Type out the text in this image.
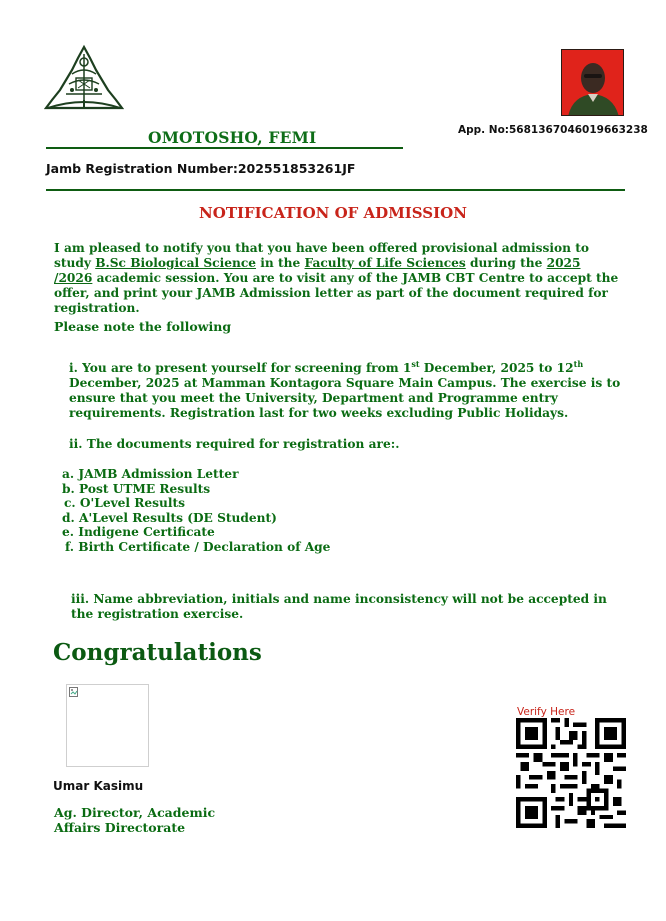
OMOTOSHO, FEMI	App. No:5681367046019663238
Jamb Registration Number:202551853261JF
NOTIFICATION OF ADMISSION
I am pleased to notify you that you have been offered provisional admission to study B.Sc Biological Science in the Faculty of Life Sciences during the 2025 /2026 academic session. You are to visit any of the JAMB CBT Centre to accept the offer, and print your JAMB Admission letter as part of the document required for registration.
Please note the following
i. You are to present yourself for screening from 1st December, 2025 to 12th December, 2025 at Mamman Kontagora Square Main Campus. The exercise is to ensure that you meet the University, Department and Programme entry requirements. Registration last for two weeks excluding Public Holidays.
ii. The documents required for registration are:.
a. JAMB Admission Letter
b. Post UTME Results
c. O'Level Results
d. A'Level Results (DE Student)
e. Indigene Certificate
f. Birth Certificate / Declaration of Age
iii. Name abbreviation, initials and name inconsistency will not be accepted in the registration exercise.
Congratulations
Umar Kasimu
Ag. Director, Academic Affairs Directorate
Verify Here
